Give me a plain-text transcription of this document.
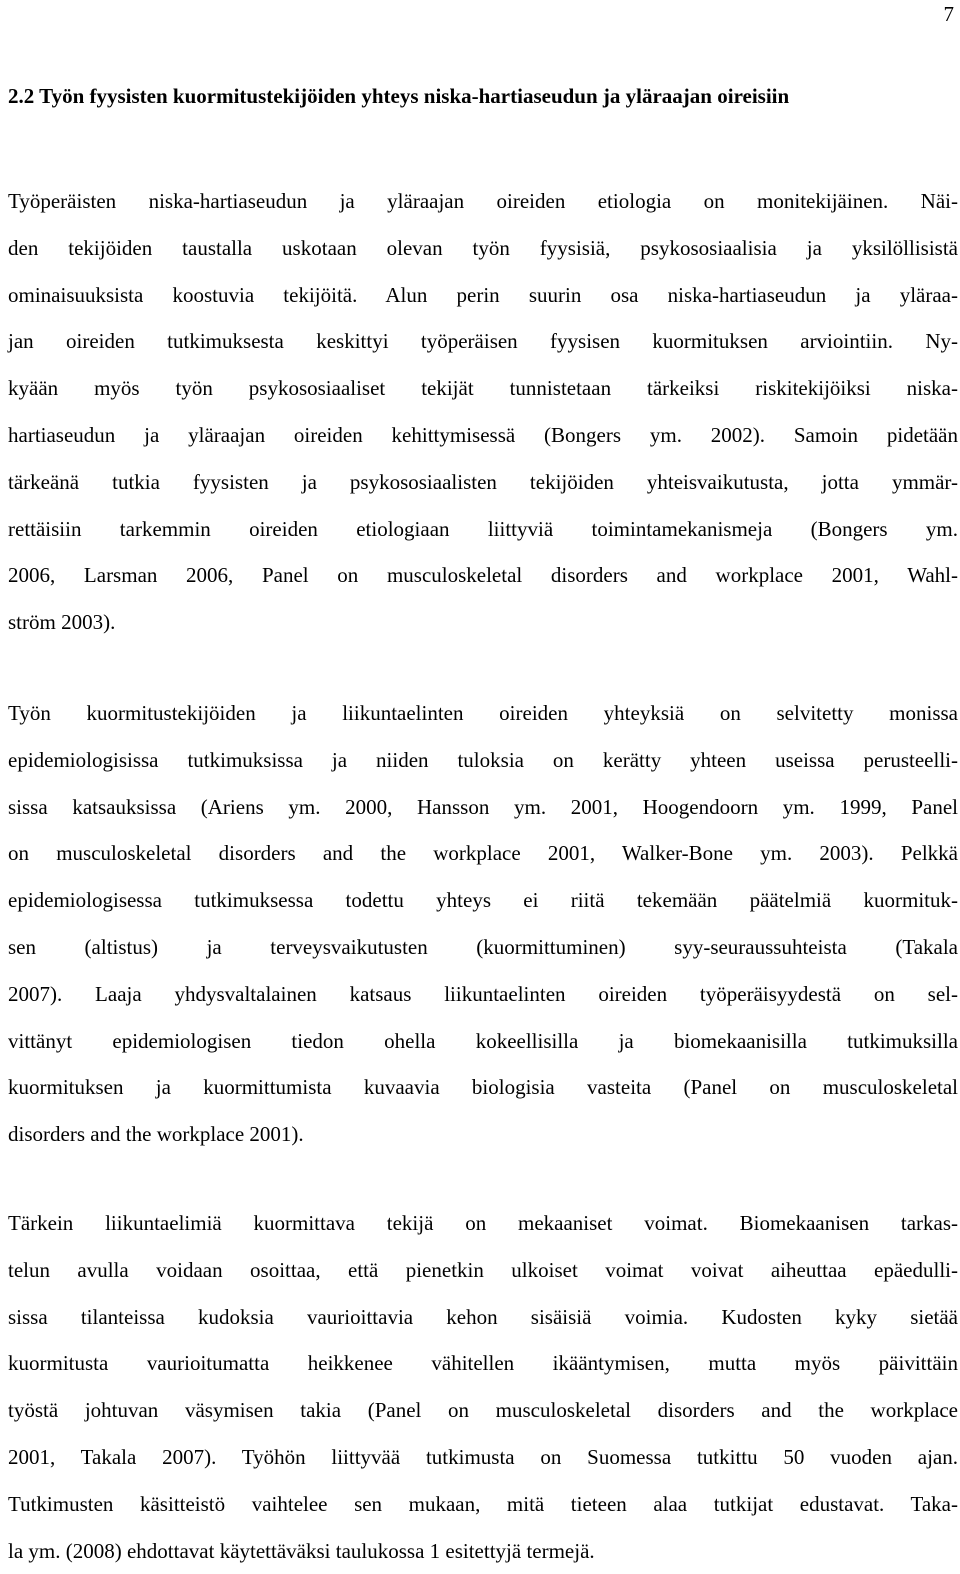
7
2.2 Työn fyysisten kuormitustekijöiden yhteys niska-hartiaseudun ja yläraajan oireisiin
Työperäisten niska-hartiaseudun ja yläraajan oireiden etiologia on monitekijäinen. Näi-
den tekijöiden taustalla uskotaan olevan työn fyysisiä, psykososiaalisia ja yksilöllisistä
ominaisuuksista koostuvia tekijöitä. Alun perin suurin osa niska-hartiaseudun ja yläraa-
jan oireiden tutkimuksesta keskittyi työperäisen fyysisen kuormituksen arviointiin. Ny-
kyään myös työn psykososiaaliset tekijät tunnistetaan tärkeiksi riskitekijöiksi niska-
hartiaseudun ja yläraajan oireiden kehittymisessä (Bongers ym. 2002). Samoin pidetään
tärkeänä tutkia fyysisten ja psykososiaalisten tekijöiden yhteisvaikutusta, jotta ymmär-
rettäisiin tarkemmin oireiden etiologiaan liittyviä toimintamekanismeja (Bongers ym.
2006, Larsman 2006, Panel on musculoskeletal disorders and workplace 2001, Wahl-
ström 2003).
Työn kuormitustekijöiden ja liikuntaelinten oireiden yhteyksiä on selvitetty monissa
epidemiologisissa tutkimuksissa ja niiden tuloksia on kerätty yhteen useissa perusteelli-
sissa katsauksissa (Ariens ym. 2000, Hansson ym. 2001, Hoogendoorn ym. 1999, Panel
on musculoskeletal disorders and the workplace 2001, Walker-Bone ym. 2003). Pelkkä
epidemiologisessa tutkimuksessa todettu yhteys ei riitä tekemään päätelmiä kuormituk-
sen (altistus) ja terveysvaikutusten (kuormittuminen) syy-seuraussuhteista (Takala
2007). Laaja yhdysvaltalainen katsaus liikuntaelinten oireiden työperäisyydestä on sel-
vittänyt epidemiologisen tiedon ohella kokeellisilla ja biomekaanisilla tutkimuksilla
kuormituksen ja kuormittumista kuvaavia biologisia vasteita (Panel on musculoskeletal
disorders and the workplace 2001).
Tärkein liikuntaelimiä kuormittava tekijä on mekaaniset voimat. Biomekaanisen tarkas-
telun avulla voidaan osoittaa, että pienetkin ulkoiset voimat voivat aiheuttaa epäedulli-
sissa tilanteissa kudoksia vaurioittavia kehon sisäisiä voimia. Kudosten kyky sietää
kuormitusta vaurioitumatta heikkenee vähitellen ikääntymisen, mutta myös päivittäin
työstä johtuvan väsymisen takia (Panel on musculoskeletal disorders and the workplace
2001, Takala 2007). Työhön liittyvää tutkimusta on Suomessa tutkittu 50 vuoden ajan.
Tutkimusten käsitteistö vaihtelee sen mukaan, mitä tieteen alaa tutkijat edustavat. Taka-
la ym. (2008) ehdottavat käytettäväksi taulukossa 1 esitettyjä termejä.
